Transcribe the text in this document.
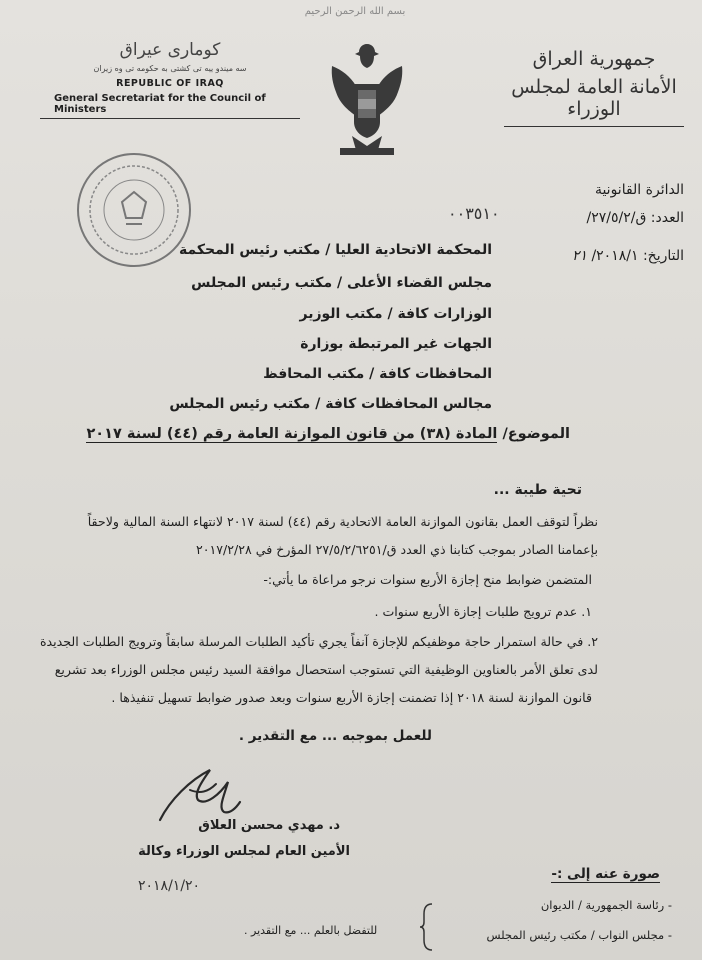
بسم الله الرحمن الرحيم
كومارى عيراق
سه ميندو ييه تى كشتى به حكومه تى وه زيران
REPUBLIC OF IRAQ
General Secretariat for the Council of Ministers
جمهورية العراق
الأمانة العامة لمجلس الوزراء
الدائرة القانونية
العدد: ق/٢٧/٥/٢/
التاريخ: ٢٠١٨/١/ ٢١
٠٠٣٥١٠
المحكمة الاتحادية العليا / مكتب رئيس المحكمة
مجلس القضاء الأعلى / مكتب رئيس المجلس
الوزارات كافة / مكتب الوزير
الجهات غير المرتبطة بوزارة
المحافظات كافة / مكتب المحافظ
مجالس المحافظات كافة / مكتب رئيس المجلس
الموضوع/ المادة (٣٨) من قانون الموازنة العامة رقم (٤٤) لسنة ٢٠١٧
تحية طيبة ...
نظراً لتوقف العمل بقانون الموازنة العامة الاتحادية رقم (٤٤) لسنة ٢٠١٧ لانتهاء السنة المالية ولاحقاً
بإعمامنا الصادر بموجب كتابنا ذي العدد ق/٢٧/٥/٢/٦٢٥١ المؤرخ في ٢٠١٧/٢/٢٨
المتضمن ضوابط منح إجازة الأربع سنوات نرجو مراعاة ما يأتي:-
١. عدم ترويج طلبات إجازة الأربع سنوات .
٢. في حالة استمرار حاجة موظفيكم للإجازة آنفاً يجري تأكيد الطلبات المرسلة سابقاً وترويج الطلبات الجديدة
لدى تعلق الأمر بالعناوين الوظيفية التي تستوجب استحصال موافقة السيد رئيس مجلس الوزراء بعد تشريع
قانون الموازنة لسنة ٢٠١٨ إذا تضمنت إجازة الأربع سنوات وبعد صدور ضوابط تسهيل تنفيذها .
للعمل بموجبه ... مع التقدير .
د. مهدي محسن العلاق
الأمين العام لمجلس الوزراء وكالة
٢٠١٨/١/٢٠
صورة عنه إلى :-
- رئاسة الجمهورية / الديوان
- مجلس النواب / مكتب رئيس المجلس
للتفضل بالعلم ... مع التقدير .
